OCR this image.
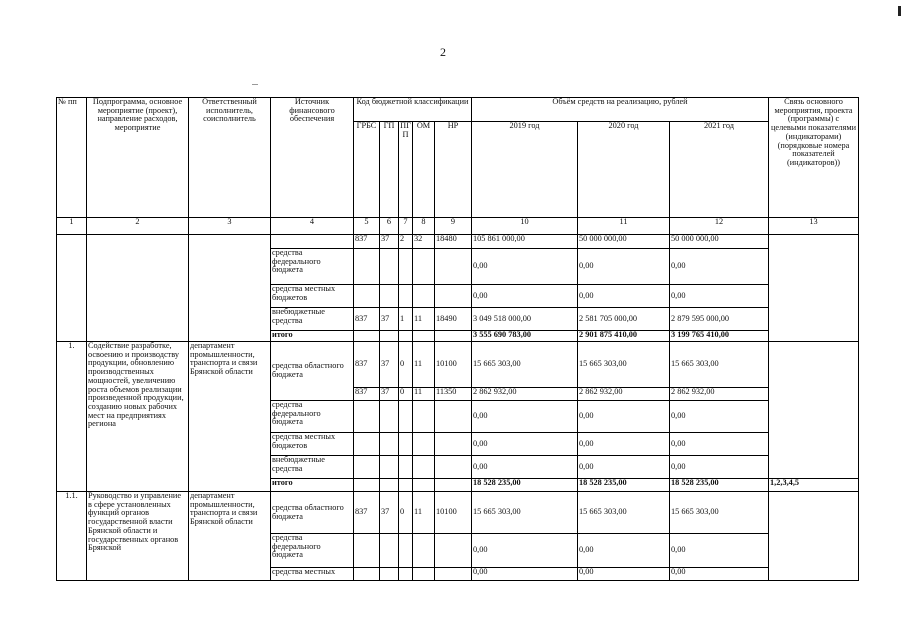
2
№ пп	Подпрограмма, основное мероприятие (проект), направление расходов, мероприятие	Ответственный исполнитель, соисполнитель	Источник финансового обеспечения	Код бюджетной классификации					Объём средств на реализацию, рублей			Связь основного мероприятия, проекта (программы) с целевыми показателями (индикаторами) (порядковые номера показателей (индикаторов))
				ГРБС	ГП	ПГП	ОМ	НР	2019 год	2020 год	2021 год	
1	2	3	4	5	6	7	8	9	10	11	12	13
				837	37	2	32	18480	105 861 000,00	50 000 000,00	50 000 000,00	
			средства федерального бюджета						0,00	0,00	0,00	
			средства местных бюджетов						0,00	0,00	0,00	
			внебюджетные средства	837	37	1	11	18490	3 049 518 000,00	2 581 705 000,00	2 879 595 000,00	
			итого						3 555 690 783,00	2 901 875 410,00	3 199 765 410,00	
1.	Содействие разработке, освоению и производству продукции, обновлению производственных мощностей, увеличению роста объемов реализации произведенной продукции, созданию новых рабочих мест на предприятиях региона	департамент промышленности, транспорта и связи Брянской области	средства областного бюджета	837	37	0	11	10100	15 665 303,00	15 665 303,00	15 665 303,00	
				837	37	0	11	11350	2 862 932,00	2 862 932,00	2 862 932,00	
			средства федерального бюджета						0,00	0,00	0,00	
			средства местных бюджетов						0,00	0,00	0,00	
			внебюджетные средства						0,00	0,00	0,00	
			итого						18 528 235,00	18 528 235,00	18 528 235,00	1,2,3,4,5
1.1.	Руководство и управление в сфере установленных функций органов государственной власти Брянской области и государственных органов Брянской	департамент промышленности, транспорта и связи Брянской области	средства областного бюджета	837	37	0	11	10100	15 665 303,00	15 665 303,00	15 665 303,00	
			средства федерального бюджета						0,00	0,00	0,00	
			средства местных						0,00	0,00	0,00	
